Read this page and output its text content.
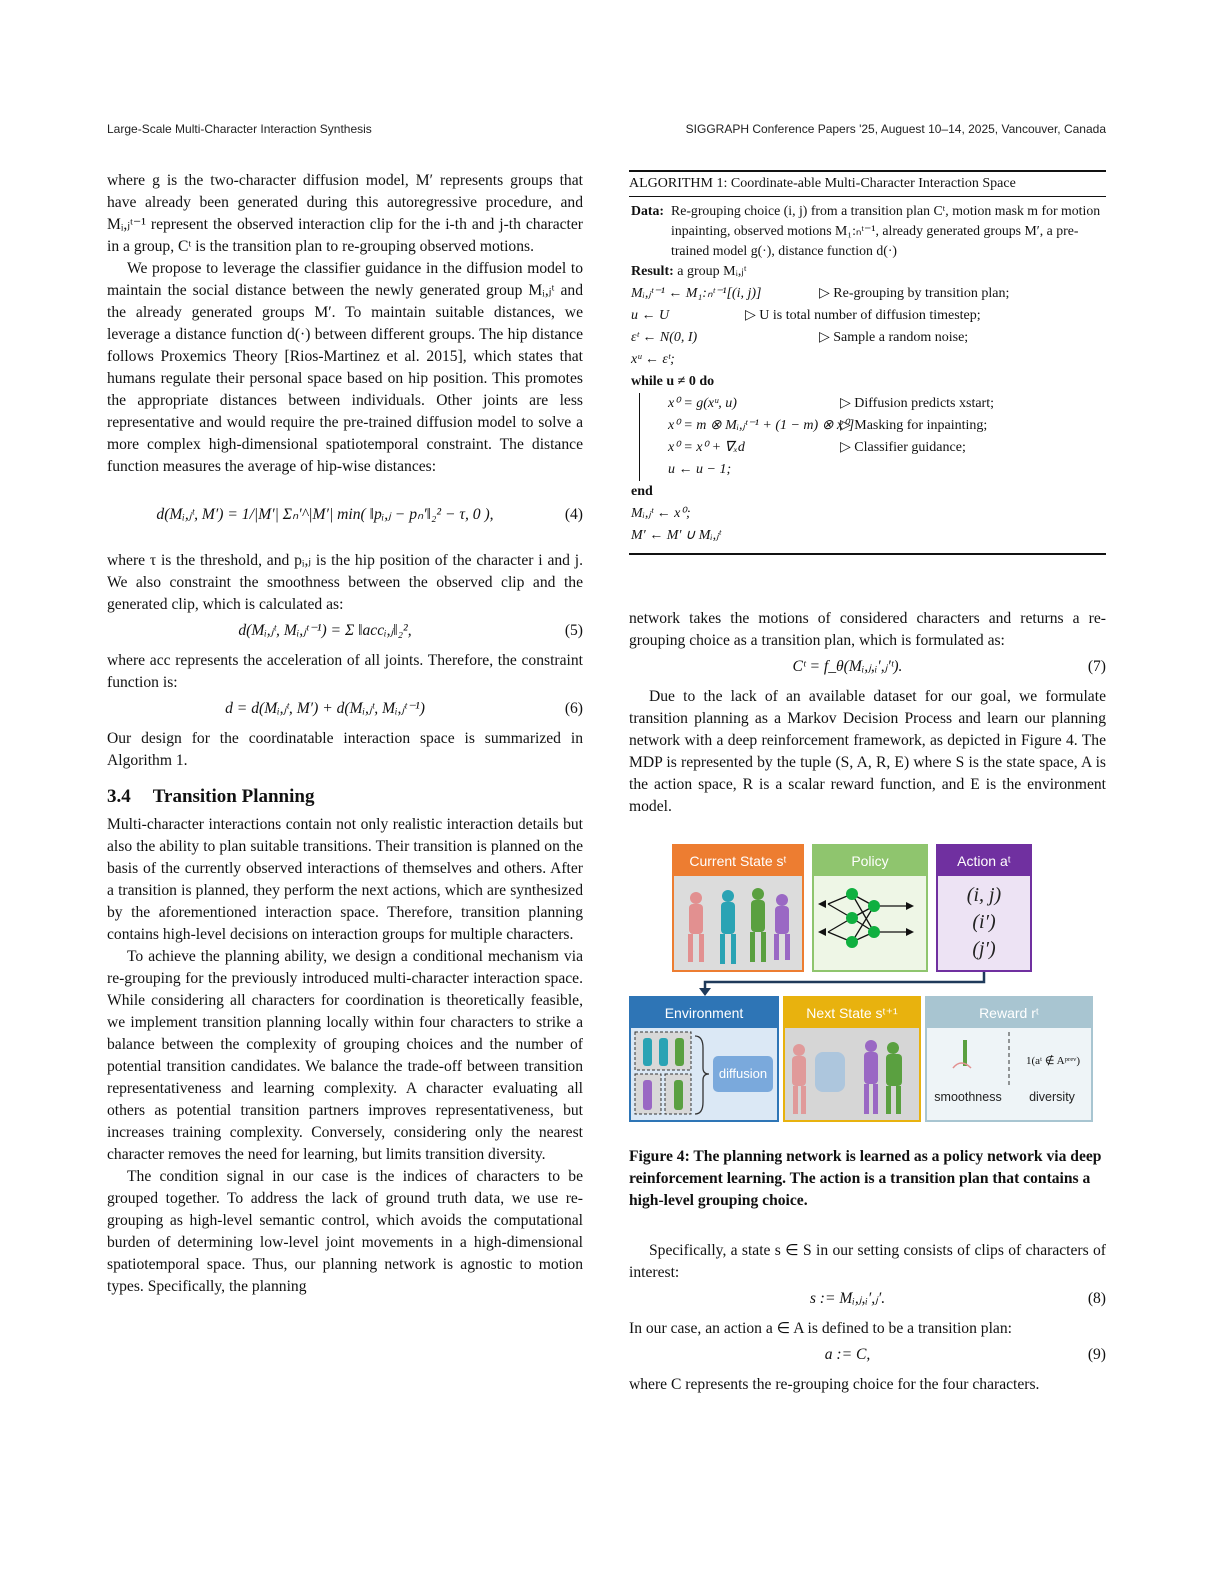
Large-Scale Multi-Character Interaction Synthesis	SIGGRAPH Conference Papers '25, Auguest 10–14, 2025, Vancouver, Canada

where g is the two-character diffusion model, M′ represents groups that have already been generated during this autoregressive procedure, and Mᵢ,ⱼᵗ⁻¹ represent the observed interaction clip for the i-th and j-th character in a group, Cᵗ is the transition plan to re-grouping observed motions.

We propose to leverage the classifier guidance in the diffusion model to maintain the social distance between the newly generated group Mᵢ,ⱼᵗ and the already generated groups M′. To maintain suitable distances, we leverage a distance function d(·) between different groups. The hip distance follows Proxemics Theory [Rios-Martinez et al. 2015], which states that humans regulate their personal space based on hip position. This promotes the appropriate distances between individuals. Other joints are less representative and would require the pre-trained diffusion model to solve a more complex high-dimensional spatiotemporal constraint. The distance function measures the average of hip-wise distances:

d(Mᵢ,ⱼᵗ, M′) = 1/|M′| Σₙ′^|M′| min( ‖pᵢ,ⱼ − pₙ′‖₂² − τ, 0 ),	(4)

where τ is the threshold, and pᵢ,ⱼ is the hip position of the character i and j. We also constraint the smoothness between the observed clip and the generated clip, which is calculated as:

d(Mᵢ,ⱼᵗ, Mᵢ,ⱼᵗ⁻¹) = Σ ‖accᵢ,ⱼ‖₂²,	(5)

where acc represents the acceleration of all joints. Therefore, the constraint function is:

d = d(Mᵢ,ⱼᵗ, M′) + d(Mᵢ,ⱼᵗ, Mᵢ,ⱼᵗ⁻¹)	(6)

Our design for the coordinatable interaction space is summarized in Algorithm 1.

3.4 Transition Planning

Multi-character interactions contain not only realistic interaction details but also the ability to plan suitable transitions. Their transition is planned on the basis of the currently observed interactions of themselves and others. After a transition is planned, they perform the next actions, which are synthesized by the aforementioned interaction space. Therefore, transition planning contains high-level decisions on interaction groups for multiple characters.

To achieve the planning ability, we design a conditional mechanism via re-grouping for the previously introduced multi-character interaction space. While considering all characters for coordination is theoretically feasible, we implement transition planning locally within four characters to strike a balance between the complexity of grouping choices and the number of potential transition candidates. We balance the trade-off between transition representativeness and learning complexity. A character evaluating all others as potential transition partners improves representativeness, but increases training complexity. Conversely, considering only the nearest character removes the need for learning, but limits transition diversity.

The condition signal in our case is the indices of characters to be grouped together. To address the lack of ground truth data, we use re-grouping as high-level semantic control, which avoids the computational burden of determining low-level joint movements in a high-dimensional spatiotemporal space. Thus, our planning network is agnostic to motion types. Specifically, the planning

ALGORITHM 1: Coordinate-able Multi-Character Interaction Space
Data: Re-grouping choice (i, j) from a transition plan Cᵗ, motion mask m for motion inpainting, observed motions M₁:ₙᵗ⁻¹, already generated groups M′, a pre-trained model g(·), distance function d(·)
Result: a group Mᵢ,ⱼᵗ
Mᵢ,ⱼᵗ⁻¹ ← M₁:ₙᵗ⁻¹[(i, j)]	▷ Re-grouping by transition plan;
u ← U	▷ U is total number of diffusion timestep;
εᵗ ← N(0, I)	▷ Sample a random noise;
xᵘ ← εᵗ;
while u ≠ 0 do
x⁰ = g(xᵘ, u)	▷ Diffusion predicts xstart;
x⁰ = m ⊗ Mᵢ,ⱼᵗ⁻¹ + (1 − m) ⊗ x⁰]
▷ Masking for inpainting;
x⁰ = x⁰ + ∇ₓd	▷ Classifier guidance;
u ← u − 1;
end
Mᵢ,ⱼᵗ ← x⁰;
M′ ← M′ ∪ Mᵢ,ⱼᵗ

network takes the motions of considered characters and returns a re-grouping choice as a transition plan, which is formulated as:

Cᵗ = f_θ(Mᵢ,ⱼ,ᵢ′,ⱼ′ᵗ).	(7)

Due to the lack of an available dataset for our goal, we formulate transition planning as a Markov Decision Process and learn our planning network with a deep reinforcement framework, as depicted in Figure 4. The MDP is represented by the tuple (S, A, R, E) where S is the state space, A is the action space, R is a scalar reward function, and E is the environment model.

Current State sᵗ	Policy	Action aᵗ
(i, j)
(i′)
(j′)
Environment
diffusion
Next State sᵗ⁺¹	Reward rᵗ
1(aᵗ ∉ Aᵖʳᵉᵛ)
smoothness	diversity
Figure 4: The planning network is learned as a policy network via deep reinforcement learning. The action is a transition plan that contains a high-level grouping choice.

Specifically, a state s ∈ S in our setting consists of clips of characters of interest:

s := Mᵢ,ⱼ,ᵢ′,ⱼ′.	(8)

In our case, an action a ∈ A is defined to be a transition plan:

a := C,	(9)

where C represents the re-grouping choice for the four characters.
